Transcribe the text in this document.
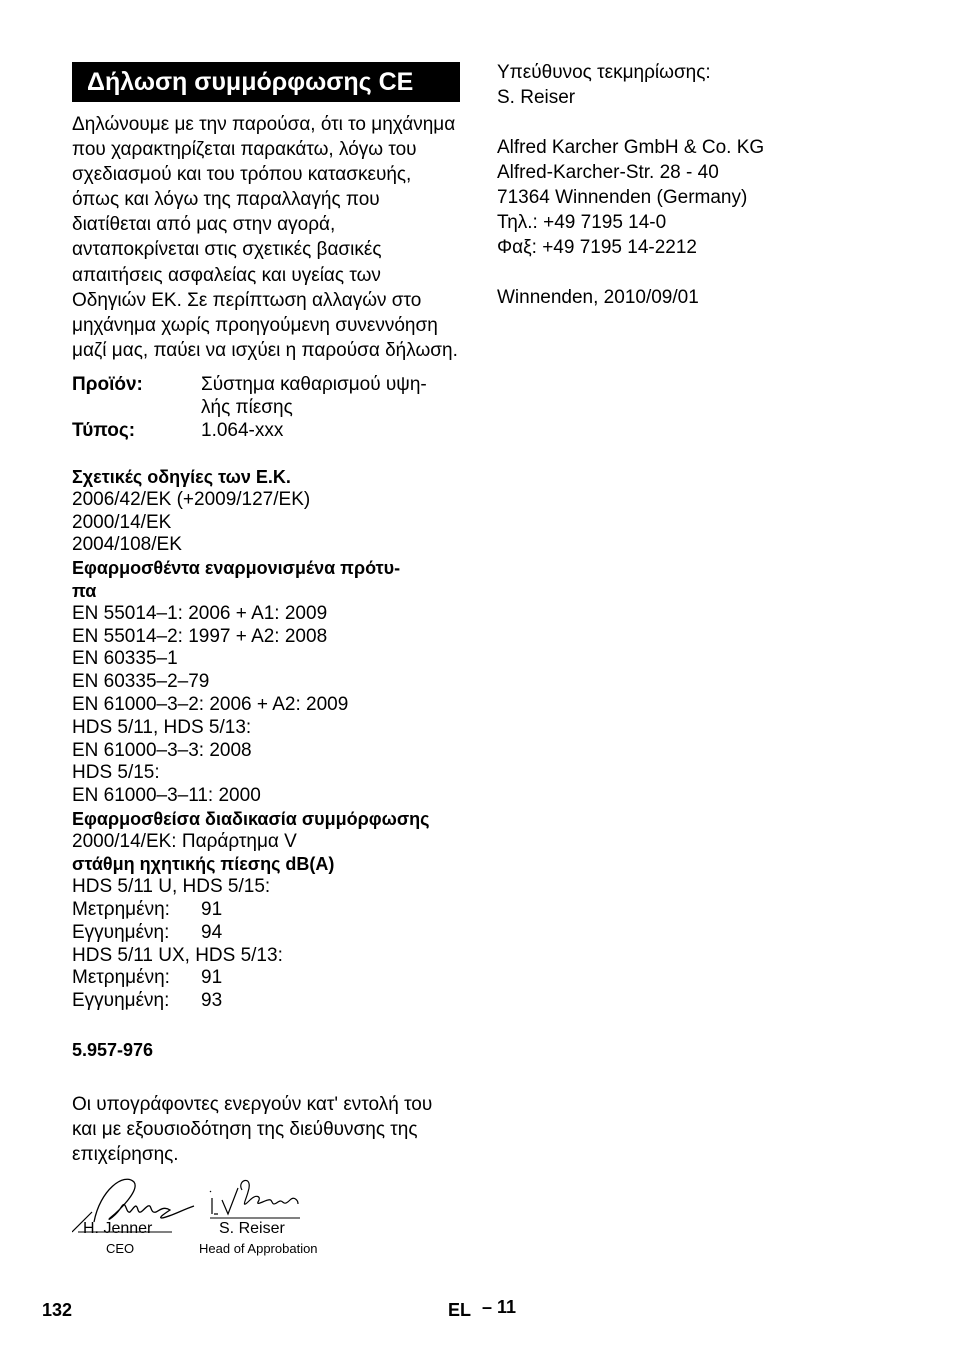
Δήλωση συμμόρφωσης CE
Δηλώνουμε με την παρούσα, ότι το μηχάνημα που χαρακτηρίζεται παρακάτω, λόγω του σχεδιασμού και του τρόπου κατασκευής, όπως και λόγω της παραλλαγής που διατίθεται από μας στην αγορά, ανταποκρίνεται στις σχετικές βασικές απαιτήσεις ασφαλείας και υγείας των Οδηγιών ΕΚ. Σε περίπτωση αλλαγών στο μηχάνημα χωρίς προηγούμενη συνεννόηση μαζί μας, παύει να ισχύει η παρούσα δήλωση.
Προϊόν:	Σύστημα καθαρισμού υψη-
λής πίεσης
Τύπος:	1.064-xxx
Σχετικές οδηγίες των Ε.Κ.
2006/42/EK (+2009/127/EK)
2000/14/EK
2004/108/EK
Εφαρμοσθέντα εναρμονισμένα πρότυ-
πα
EN 55014–1: 2006 + A1: 2009
EN 55014–2: 1997 + A2: 2008
EN 60335–1
EN 60335–2–79
EN 61000–3–2: 2006 + A2: 2009
HDS 5/11, HDS 5/13:
EN 61000–3–3: 2008
HDS 5/15:
EN 61000–3–11: 2000
Εφαρμοσθείσα διαδικασία συμμόρφωσης
2000/14/EK: Παράρτημα V
στάθμη ηχητικής πίεσης dB(A)
HDS 5/11 U, HDS 5/15:
Μετρημένη: 91
Εγγυημένη: 94
HDS 5/11 UX, HDS 5/13:
Μετρημένη: 91
Εγγυημένη: 93
5.957-976
Οι υπογράφοντες ενεργούν κατ' εντολή του και με εξουσιοδότηση της διεύθυνσης της επιχείρησης.
H. Jenner
CEO
S. Reiser
Head of Approbation
Υπεύθυνος τεκμηρίωσης:
S. Reiser
Alfred Karcher GmbH & Co. KG
Alfred-Karcher-Str. 28 - 40
71364 Winnenden (Germany)
Τηλ.: +49 7195 14-0
Φαξ: +49 7195 14-2212
Winnenden, 2010/09/01
132	EL – 11
